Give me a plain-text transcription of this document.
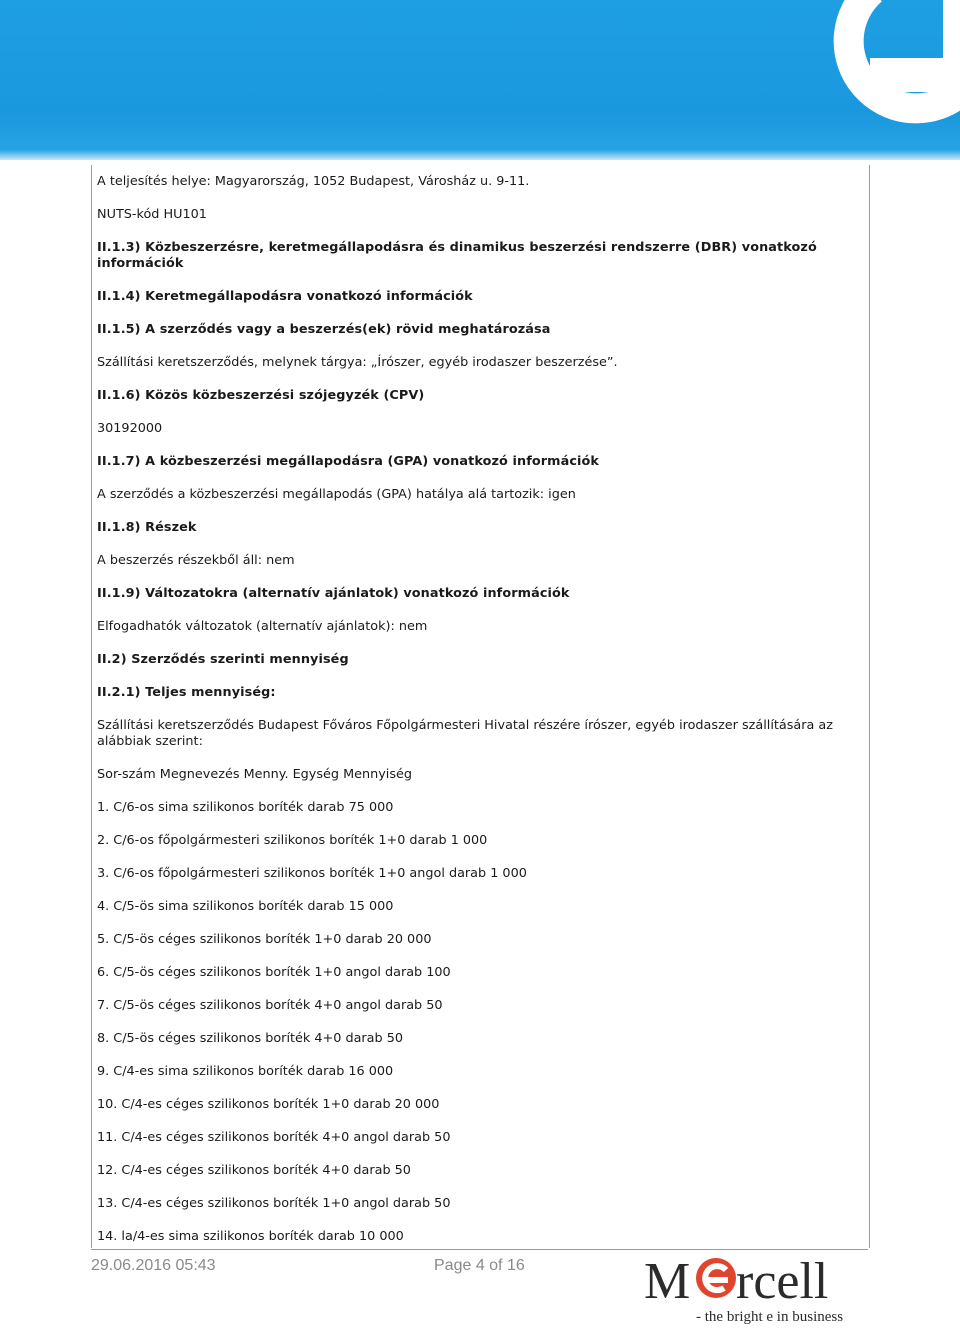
A teljesítés helye: Magyarország, 1052 Budapest, Városház u. 9-11.

NUTS-kód HU101

II.1.3) Közbeszerzésre, keretmegállapodásra és dinamikus beszerzési rendszerre (DBR) vonatkozó információk

II.1.4) Keretmegállapodásra vonatkozó információk

II.1.5) A szerződés vagy a beszerzés(ek) rövid meghatározása

Szállítási keretszerződés, melynek tárgya: „Írószer, egyéb irodaszer beszerzése”.

II.1.6) Közös közbeszerzési szójegyzék (CPV)

30192000

II.1.7) A közbeszerzési megállapodásra (GPA) vonatkozó információk

A szerződés a közbeszerzési megállapodás (GPA) hatálya alá tartozik: igen

II.1.8) Részek

A beszerzés részekből áll: nem

II.1.9) Változatokra (alternatív ajánlatok) vonatkozó információk

Elfogadhatók változatok (alternatív ajánlatok): nem

II.2) Szerződés szerinti mennyiség

II.2.1) Teljes mennyiség:

Szállítási keretszerződés Budapest Főváros Főpolgármesteri Hivatal részére írószer, egyéb irodaszer szállítására az alábbiak szerint:

Sor-szám Megnevezés Menny. Egység Mennyiség

1. C/6-os sima szilikonos boríték darab 75 000

2. C/6-os főpolgármesteri szilikonos boríték 1+0 darab 1 000

3. C/6-os főpolgármesteri szilikonos boríték 1+0 angol darab 1 000

4. C/5-ös sima szilikonos boríték darab 15 000

5. C/5-ös céges szilikonos boríték 1+0 darab 20 000

6. C/5-ös céges szilikonos boríték 1+0 angol darab 100

7. C/5-ös céges szilikonos boríték 4+0 angol darab 50

8. C/5-ös céges szilikonos boríték 4+0 darab 50

9. C/4-es sima szilikonos boríték darab 16 000

10. C/4-es céges szilikonos boríték 1+0 darab 20 000

11. C/4-es céges szilikonos boríték 4+0 angol darab 50

12. C/4-es céges szilikonos boríték 4+0 darab 50

13. C/4-es céges szilikonos boríték 1+0 angol darab 50

14. la/4-es sima szilikonos boríték darab 10 000

29.06.2016 05:43	Page 4 of 16 M rcell
- the bright e in business
